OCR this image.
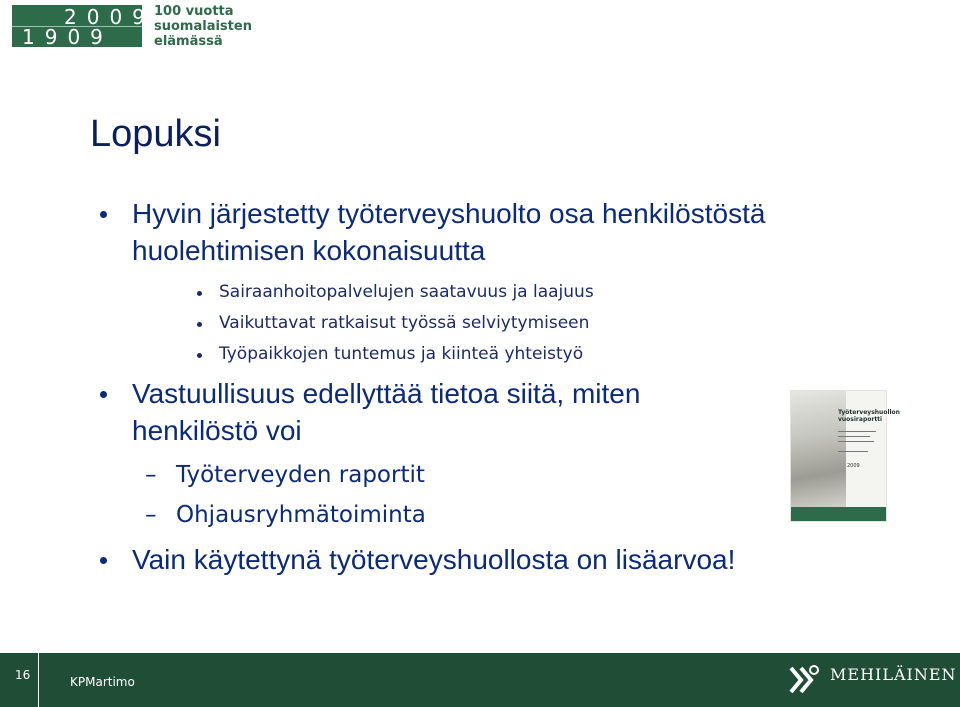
2009
1909
100 vuotta
suomalaisten
elämässä
Lopuksi
Hyvin järjestetty työterveyshuolto osa henkilöstöstä
huolehtimisen kokonaisuutta
Sairaanhoitopalvelujen saatavuus ja laajuus
Vaikuttavat ratkaisut työssä selviytymiseen
Työpaikkojen tuntemus ja kiinteä yhteistyö
Vastuullisuus edellyttää tietoa siitä, miten
henkilöstö voi
– Työterveyden raportit
– Ohjausryhmätoiminta
Vain käytettynä työterveyshuollosta on lisäarvoa!
Työterveyshuollon
vuosiraportti
2009
16	KPMartimo	MEHILÄINEN
